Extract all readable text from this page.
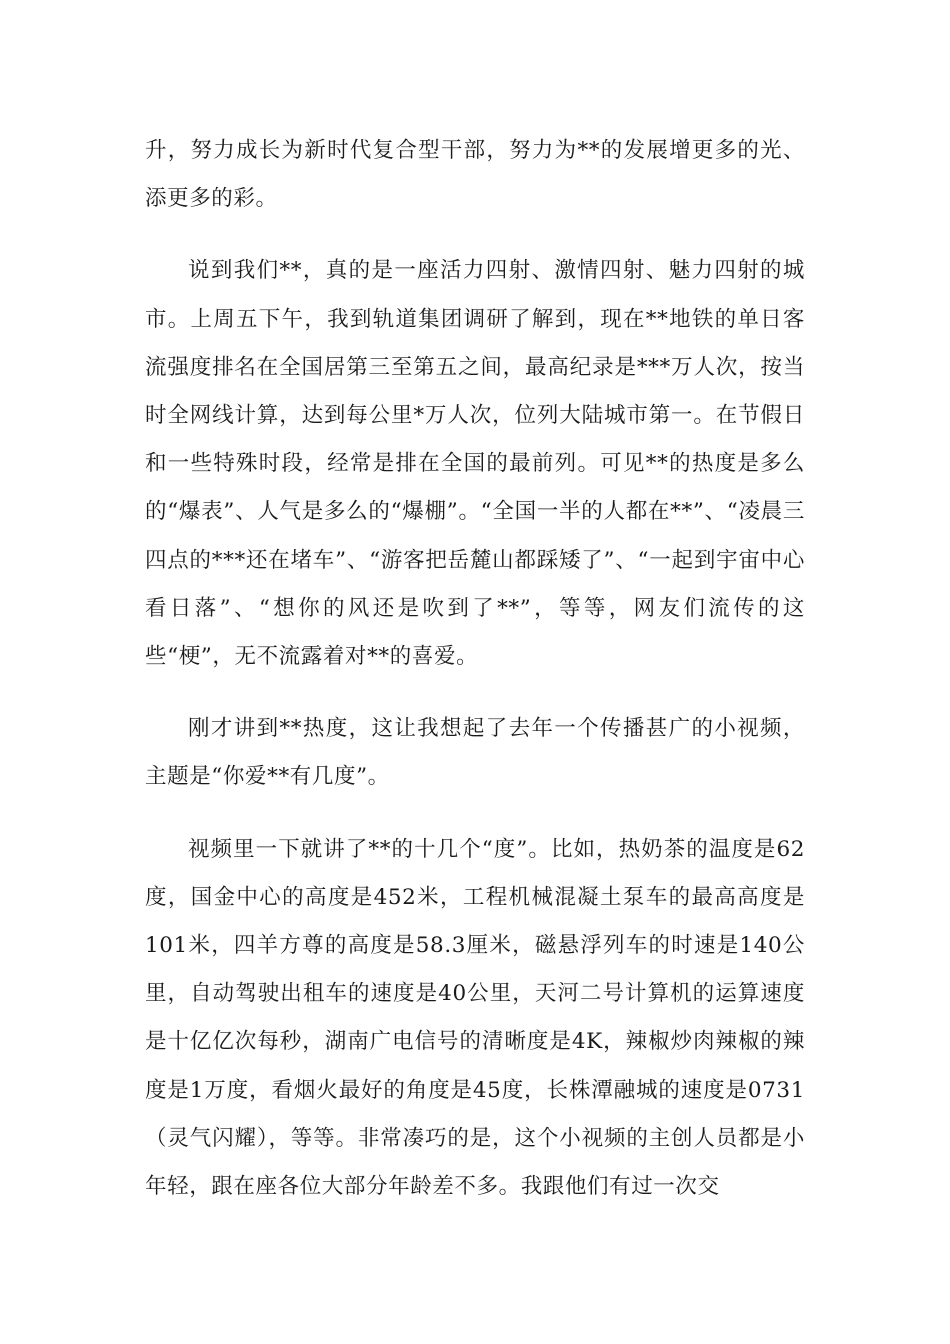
升，努力成长为新时代复合型干部，努力为**的发展增更多的光、添更多的彩。

说到我们**，真的是一座活力四射、激情四射、魅力四射的城市。上周五下午，我到轨道集团调研了解到，现在**地铁的单日客流强度排名在全国居第三至第五之间，最高纪录是***万人次，按当时全网线计算，达到每公里*万人次，位列大陆城市第一。在节假日和一些特殊时段，经常是排在全国的最前列。可见**的热度是多么的“爆表”、人气是多么的“爆棚”。“全国一半的人都在**”、“凌晨三四点的***还在堵车”、“游客把岳麓山都踩矮了”、“一起到宇宙中心看日落”、“想你的风还是吹到了**”，等等，网友们流传的这些“梗”，无不流露着对**的喜爱。

刚才讲到**热度，这让我想起了去年一个传播甚广的小视频，主题是“你爱**有几度”。

视频里一下就讲了**的十几个“度”。比如，热奶茶的温度是62度，国金中心的高度是452米，工程机械混凝土泵车的最高高度是101米，四羊方尊的高度是58.3厘米，磁悬浮列车的时速是140公里，自动驾驶出租车的速度是40公里，天河二号计算机的运算速度是十亿亿次每秒，湖南广电信号的清晰度是4K，辣椒炒肉辣椒的辣度是1万度，看烟火最好的角度是45度，长株潭融城的速度是0731（灵气闪耀），等等。非常凑巧的是，这个小视频的主创人员都是小年轻，跟在座各位大部分年龄差不多。我跟他们有过一次交
